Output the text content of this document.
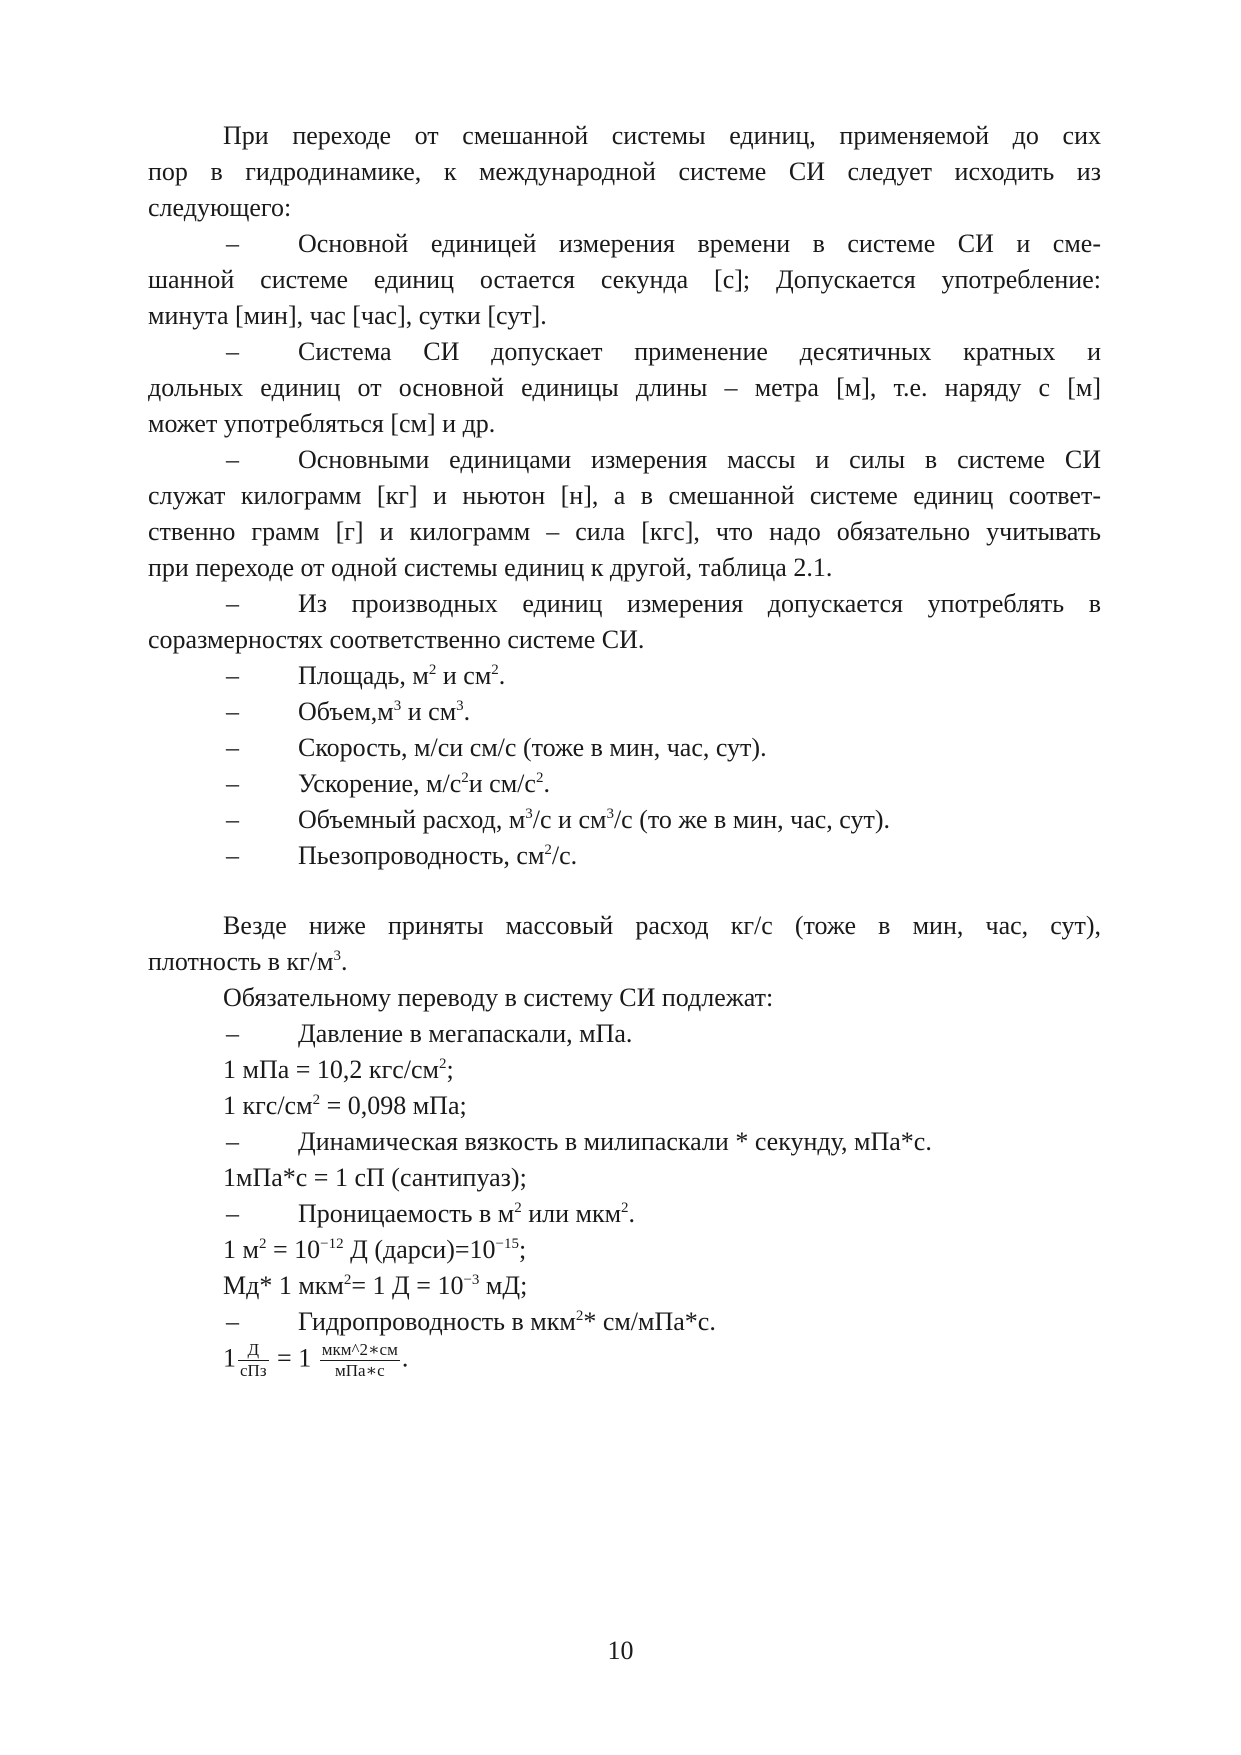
При переходе от смешанной системы единиц, применяемой до сих
пор в гидродинамике, к международной системе СИ следует исходить из
следующего:
– Основной единицей измерения времени в системе СИ и сме-
шанной системе единиц остается секунда [с]; Допускается употребление:
минута [мин], час [час], сутки [сут].
– Система СИ допускает применение десятичных кратных и
дольных единиц от основной единицы длины – метра [м], т.е. наряду с [м]
может употребляться [см] и др.
– Основными единицами измерения массы и силы в системе СИ
служат килограмм [кг] и ньютон [н], а в смешанной системе единиц соответ-
ственно грамм [г] и килограмм – сила [кгс], что надо обязательно учитывать
при переходе от одной системы единиц к другой, таблица 2.1.
– Из производных единиц измерения допускается употреблять в
соразмерностях соответственно системе СИ.
– Площадь, $м^2$ и $см^2$.
– $Объем,м^3$ и $см^3$.
– Скорость, м/си см/с (тоже в мин, час, сут).
– Ускорение, $м/с^2и$ $см/с^2$.
– Объемный расход, $м^3/с$ и $см^3/с$ (то же в мин, час, сут).
– Пьезопроводность, $см^2/с$.
Везде ниже приняты массовый расход кг/с (тоже в мин, час, сут),
плотность в $кг/м^3$.
Обязательному переводу в систему СИ подлежат:
– Давление в мегапаскали, мПа.
1 мПа = 10,2 кгс/$см^2$;
1 кгс/$см^2 = 0,098$ мПа;
– Динамическая вязкость в милипаскали * секунду, мПа*с.
1мПа*с = 1 сП (сантипуаз);
– Проницаемость в $м^2$ или мкм$^2$.
1 $м^2 = 10^{-12}$ Д $(дарси)=10^{-15}$;
Мд* 1 мкм$^2$= 1 $Д = 10^{-3}$ мД;
– Гидропроводность в мкм$^2$* см/мПа*с.
$1 \frac{Д}{\text{сПз}} = 1 \frac{\text{мкм\textasciicircum{}2∗см}}{\text{мПа∗с}}$ .
10
